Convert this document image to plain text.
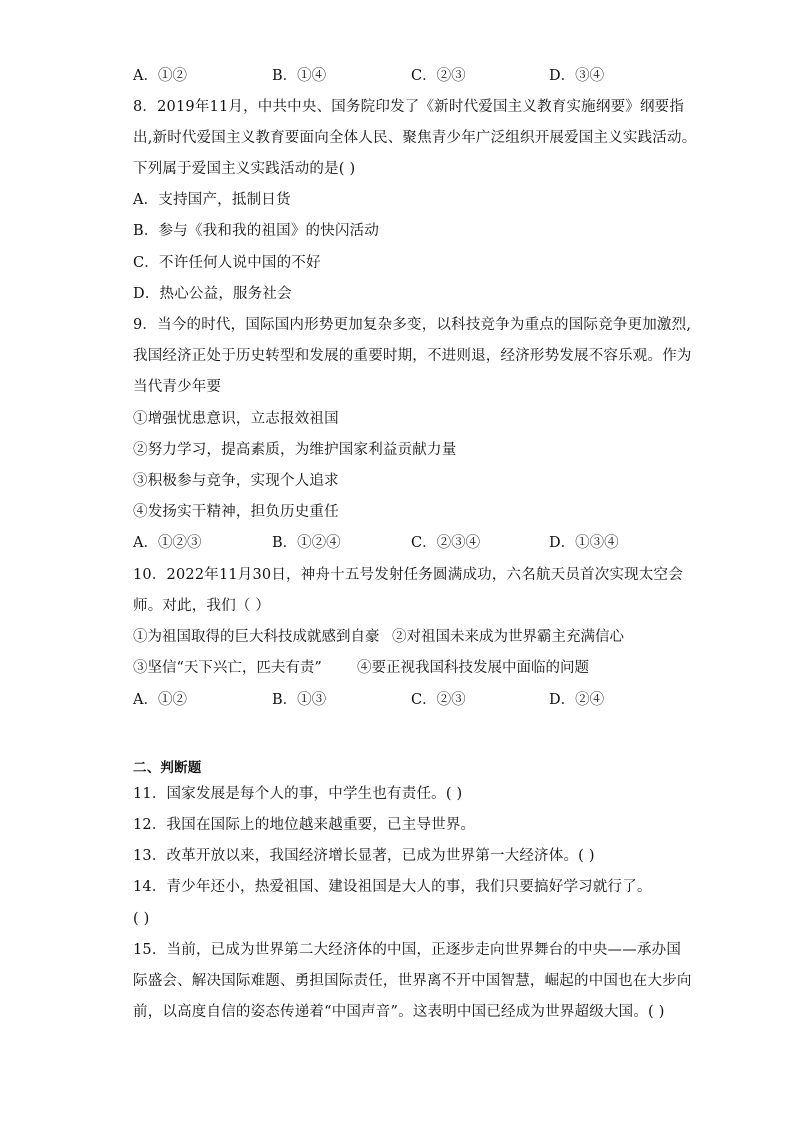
A．①②	B．①④	C．②③	D．③④
8．2019年11月，中共中央、国务院印发了《新时代爱国主义教育实施纲要》纲要指
出,新时代爱国主义教育要面向全体人民、聚焦青少年广泛组织开展爱国主义实践活动。
下列属于爱国主义实践活动的是( )
A．支持国产，抵制日货
B．参与《我和我的祖国》的快闪活动
C．不许任何人说中国的不好
D．热心公益，服务社会
9．当今的时代，国际国内形势更加复杂多变，以科技竞争为重点的国际竞争更加激烈,
我国经济正处于历史转型和发展的重要时期，不进则退，经济形势发展不容乐观。作为
当代青少年要
①增强忧患意识，立志报效祖国
②努力学习，提高素质，为维护国家利益贡献力量
③积极参与竞争，实现个人追求
④发扬实干精神，担负历史重任
A．①②③	B．①②④	C．②③④	D．①③④
10．2022年11月30日，神舟十五号发射任务圆满成功，六名航天员首次实现太空会
师。对此，我们（ ）
①为祖国取得的巨大科技成就感到自豪 ②对祖国未来成为世界霸主充满信心
③坚信“天下兴亡，匹夫有责” ④要正视我国科技发展中面临的问题
A．①②	B．①③	C．②③	D．②④
二、判断题
11．国家发展是每个人的事，中学生也有责任。( )
12．我国在国际上的地位越来越重要，已主导世界。
13．改革开放以来，我国经济增长显著，已成为世界第一大经济体。( )
14．青少年还小，热爱祖国、建设祖国是大人的事，我们只要搞好学习就行了。
( )
15．当前，已成为世界第二大经济体的中国，正逐步走向世界舞台的中央——承办国
际盛会、解决国际难题、勇担国际责任，世界离不开中国智慧，崛起的中国也在大步向
前，以高度自信的姿态传递着“中国声音”。这表明中国已经成为世界超级大国。( )
